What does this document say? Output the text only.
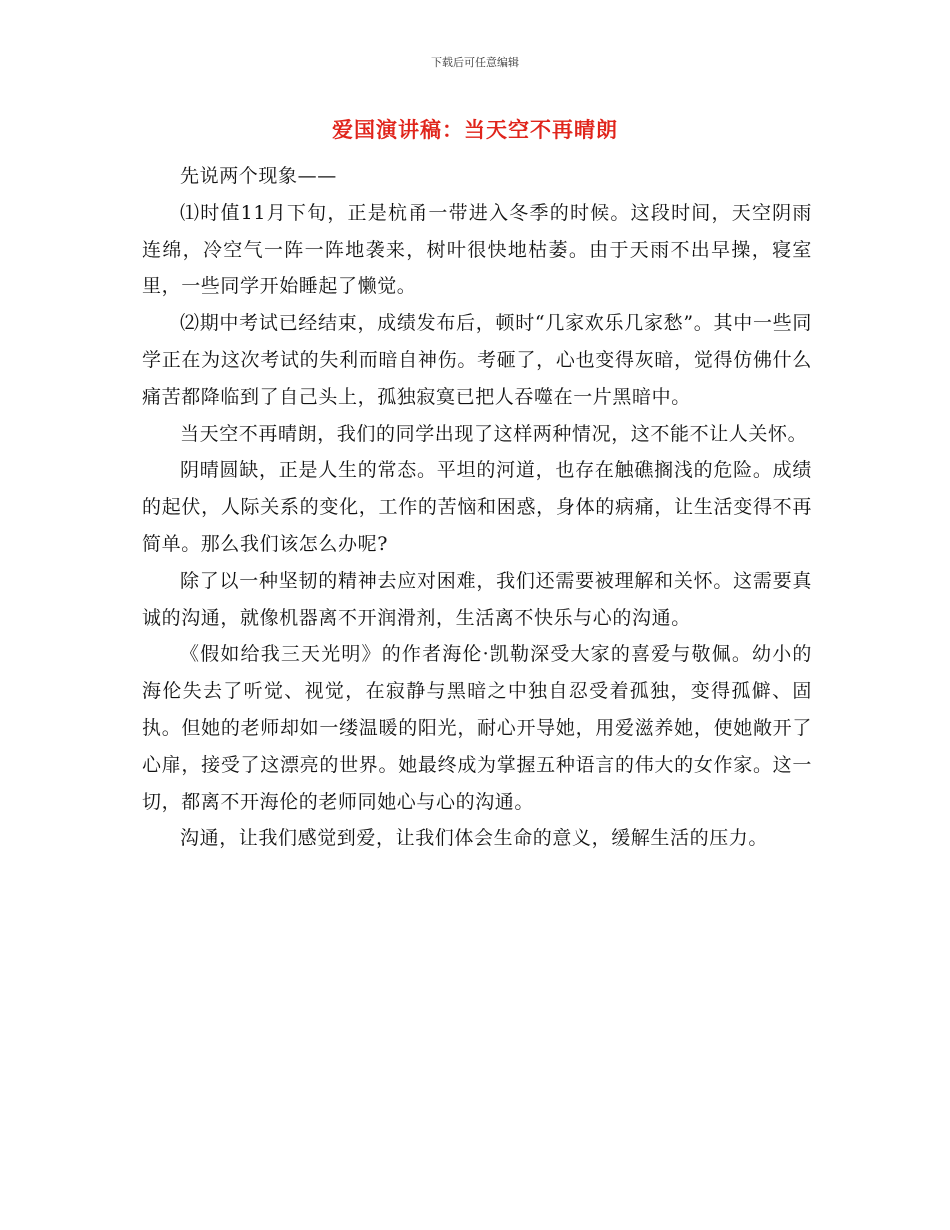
下载后可任意编辑
爱国演讲稿：当天空不再晴朗

先说两个现象——

⑴时值11月下旬，正是杭甬一带进入冬季的时候。这段时间，天空阴雨连绵，冷空气一阵一阵地袭来，树叶很快地枯萎。由于天雨不出早操，寝室里，一些同学开始睡起了懒觉。

⑵期中考试已经结束，成绩发布后，顿时“几家欢乐几家愁”。其中一些同学正在为这次考试的失利而暗自神伤。考砸了，心也变得灰暗，觉得仿佛什么痛苦都降临到了自己头上，孤独寂寞已把人吞噬在一片黑暗中。

当天空不再晴朗，我们的同学出现了这样两种情况，这不能不让人关怀。

阴晴圆缺，正是人生的常态。平坦的河道，也存在触礁搁浅的危险。成绩的起伏，人际关系的变化，工作的苦恼和困惑，身体的病痛，让生活变得不再简单。那么我们该怎么办呢?

除了以一种坚韧的精神去应对困难，我们还需要被理解和关怀。这需要真诚的沟通，就像机器离不开润滑剂，生活离不快乐与心的沟通。

《假如给我三天光明》的作者海伦·凯勒深受大家的喜爱与敬佩。幼小的海伦失去了听觉、视觉，在寂静与黑暗之中独自忍受着孤独，变得孤僻、固执。但她的老师却如一缕温暖的阳光，耐心开导她，用爱滋养她，使她敞开了心扉，接受了这漂亮的世界。她最终成为掌握五种语言的伟大的女作家。这一切，都离不开海伦的老师同她心与心的沟通。

沟通，让我们感觉到爱，让我们体会生命的意义，缓解生活的压力。
